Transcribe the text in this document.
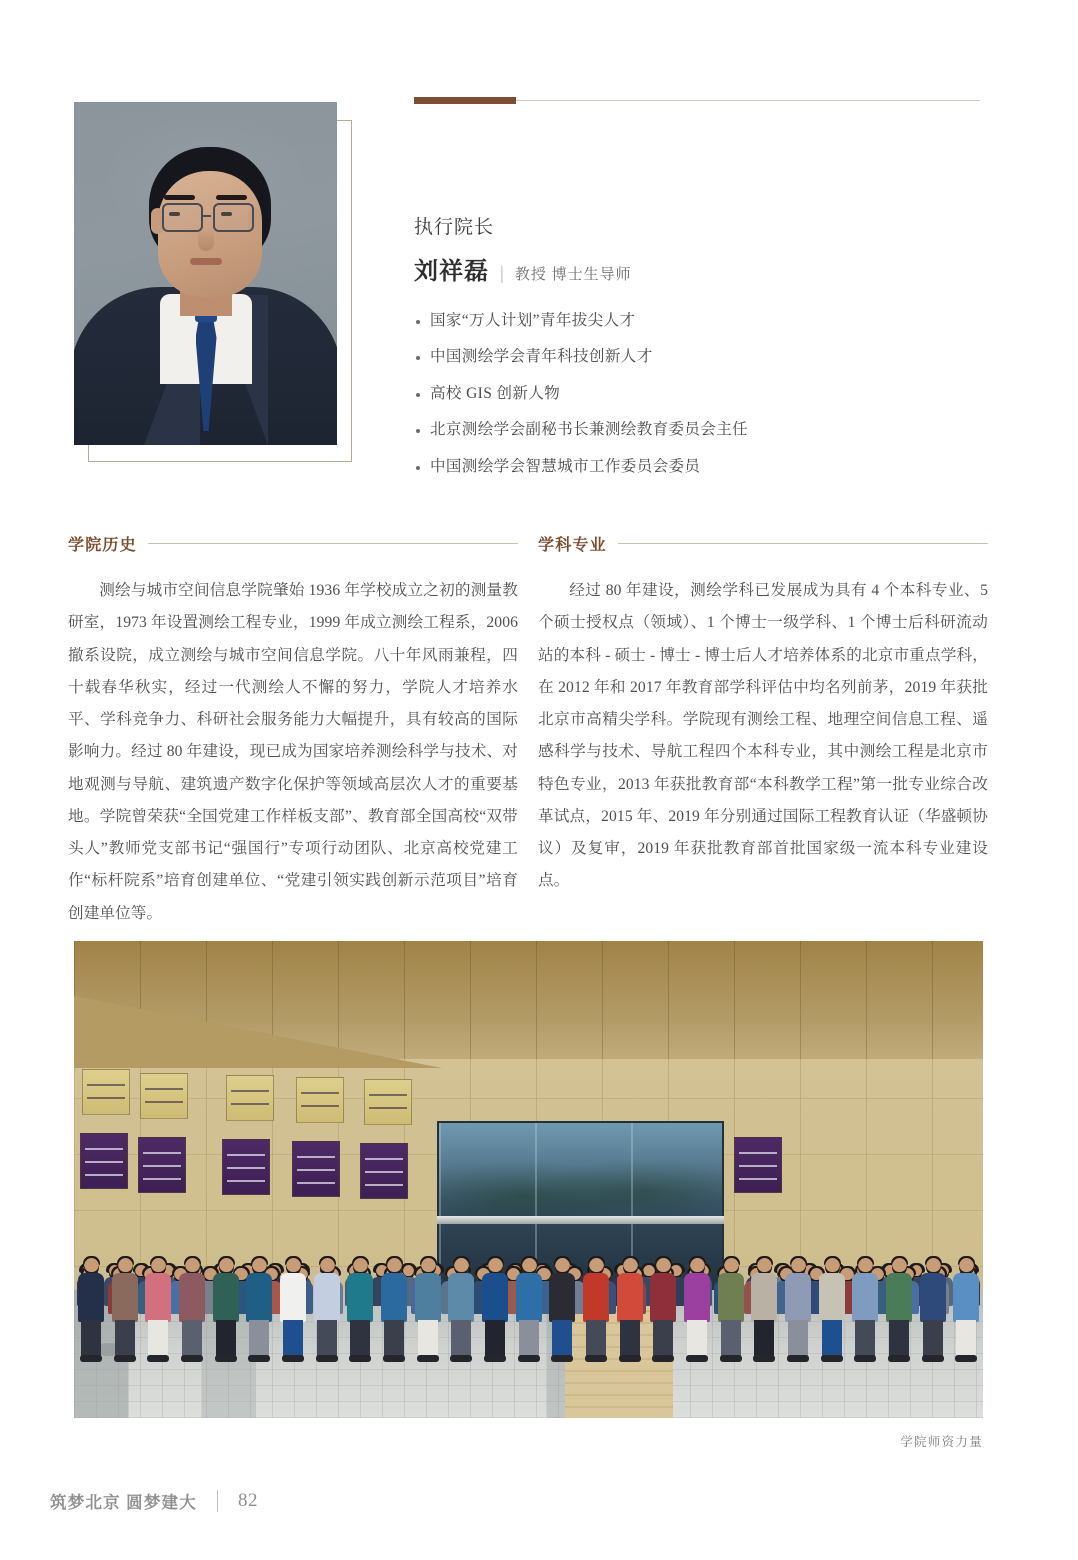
执行院长
刘祥磊 | 教授 博士生导师
国家“万人计划”青年拔尖人才
中国测绘学会青年科技创新人才
高校 GIS 创新人物
北京测绘学会副秘书长兼测绘教育委员会主任
中国测绘学会智慧城市工作委员会委员
学院历史

测绘与城市空间信息学院肇始 1936 年学校成立之初的测量教研室，1973 年设置测绘工程专业，1999 年成立测绘工程系，2006 撤系设院，成立测绘与城市空间信息学院。八十年风雨兼程，四十载春华秋实，经过一代测绘人不懈的努力，学院人才培养水平、学科竞争力、科研社会服务能力大幅提升，具有较高的国际影响力。经过 80 年建设，现已成为国家培养测绘科学与技术、对地观测与导航、建筑遗产数字化保护等领域高层次人才的重要基地。学院曾荣获“全国党建工作样板支部”、教育部全国高校“双带头人”教师党支部书记“强国行”专项行动团队、北京高校党建工作“标杆院系”培育创建单位、“党建引领实践创新示范项目”培育创建单位等。

学科专业

经过 80 年建设，测绘学科已发展成为具有 4 个本科专业、5 个硕士授权点（领域）、1 个博士一级学科、1 个博士后科研流动站的本科 - 硕士 - 博士 - 博士后人才培养体系的北京市重点学科，在 2012 年和 2017 年教育部学科评估中均名列前茅，2019 年获批北京市高精尖学科。学院现有测绘工程、地理空间信息工程、遥感科学与技术、导航工程四个本科专业，其中测绘工程是北京市特色专业，2013 年获批教育部“本科教学工程”第一批专业综合改革试点，2015 年、2019 年分别通过国际工程教育认证（华盛顿协议）及复审，2019 年获批教育部首批国家级一流本科专业建设点。

学院师资力量
筑梦北京 圆梦建大 82
